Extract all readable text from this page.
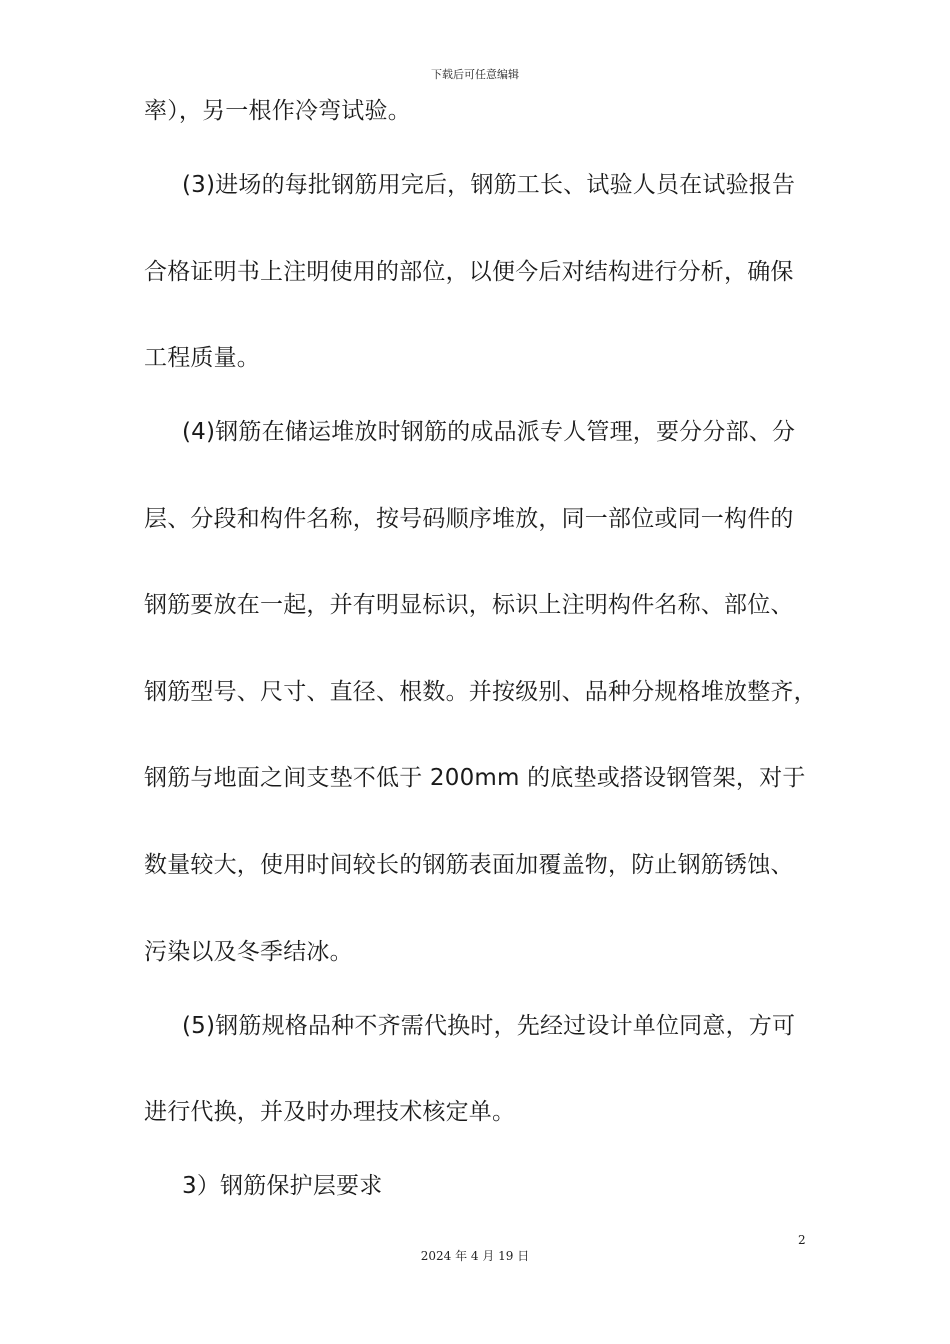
下载后可任意编辑
率），另一根作冷弯试验。
(3)进场的每批钢筋用完后，钢筋工长、试验人员在试验报告
合格证明书上注明使用的部位，以便今后对结构进行分析，确保
工程质量。
(4)钢筋在储运堆放时钢筋的成品派专人管理，要分分部、分
层、分段和构件名称，按号码顺序堆放，同一部位或同一构件的
钢筋要放在一起，并有明显标识，标识上注明构件名称、部位、
钢筋型号、尺寸、直径、根数。并按级别、品种分规格堆放整齐，
钢筋与地面之间支垫不低于 200mm 的底垫或搭设钢管架，对于
数量较大，使用时间较长的钢筋表面加覆盖物，防止钢筋锈蚀、
污染以及冬季结冰。
(5)钢筋规格品种不齐需代换时，先经过设计单位同意，方可
进行代换，并及时办理技术核定单。
3）钢筋保护层要求
2
2024 年 4 月 19 日
